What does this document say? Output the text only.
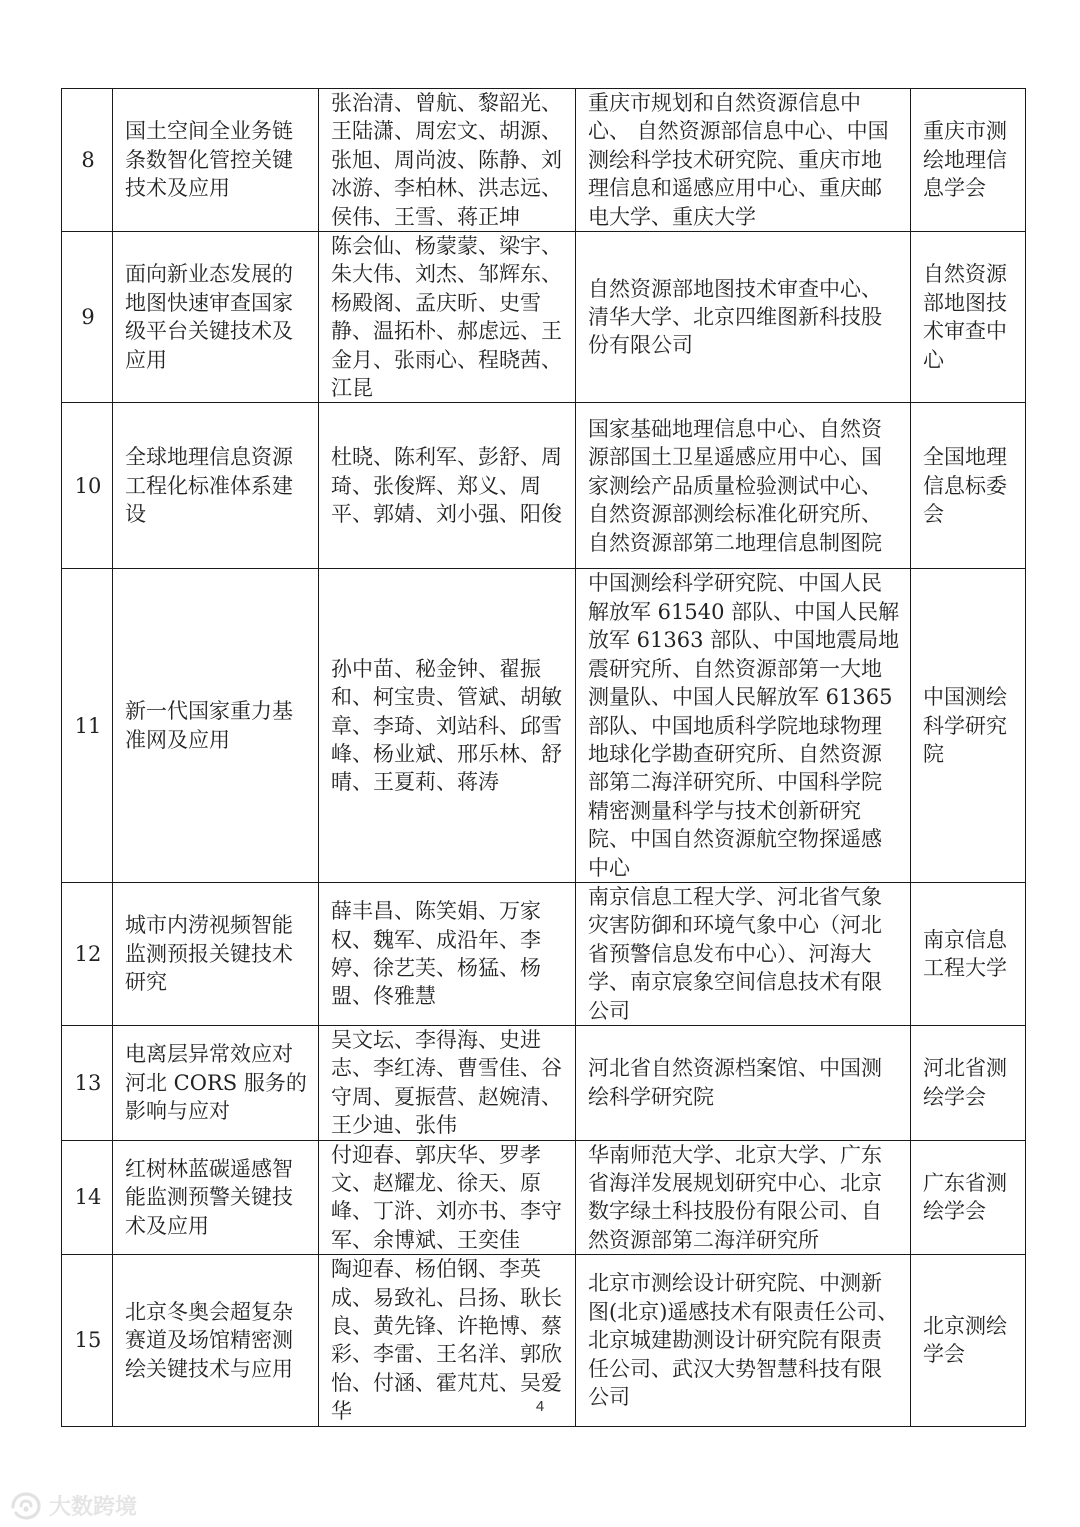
8	国土空间全业务链条数智化管控关键技术及应用	张治清、曾航、黎韶光、王陆潇、周宏文、胡源、张旭、周尚波、陈静、刘冰游、李柏林、洪志远、侯伟、王雪、蒋正坤	重庆市规划和自然资源信息中心、 自然资源部信息中心、中国测绘科学技术研究院、重庆市地理信息和遥感应用中心、重庆邮电大学、重庆大学	重庆市测绘地理信息学会
9	面向新业态发展的地图快速审查国家级平台关键技术及应用	陈会仙、杨蒙蒙、梁宇、朱大伟、刘杰、邹辉东、杨殿阁、孟庆昕、史雪静、温拓朴、郝虑远、王金月、张雨心、程晓茜、江昆	自然资源部地图技术审查中心、清华大学、北京四维图新科技股份有限公司	自然资源部地图技术审查中心
10	全球地理信息资源工程化标准体系建设	杜晓、陈利军、彭舒、周琦、张俊辉、郑义、周平、郭婧、刘小强、阳俊	国家基础地理信息中心、自然资源部国土卫星遥感应用中心、国家测绘产品质量检验测试中心、自然资源部测绘标准化研究所、自然资源部第二地理信息制图院	全国地理信息标委会
11	新一代国家重力基准网及应用	孙中苗、秘金钟、翟振和、柯宝贵、管斌、胡敏章、李琦、刘站科、邱雪峰、杨业斌、邢乐林、舒晴、王夏莉、蒋涛	中国测绘科学研究院、中国人民解放军 61540 部队、中国人民解放军 61363 部队、中国地震局地震研究所、自然资源部第一大地测量队、中国人民解放军 61365 部队、中国地质科学院地球物理地球化学勘查研究所、自然资源部第二海洋研究所、中国科学院精密测量科学与技术创新研究院、中国自然资源航空物探遥感中心	中国测绘科学研究院
12	城市内涝视频智能监测预报关键技术研究	薛丰昌、陈笑娟、万家权、魏军、成沿年、李婷、徐艺芙、杨猛、杨盟、佟雅慧	南京信息工程大学、河北省气象灾害防御和环境气象中心（河北省预警信息发布中心）、河海大学、南京宸象空间信息技术有限公司	南京信息工程大学
13	电离层异常效应对河北 CORS 服务的影响与应对	吴文坛、李得海、史进志、李红涛、曹雪佳、谷守周、夏振营、赵婉清、王少迪、张伟	河北省自然资源档案馆、中国测绘科学研究院	河北省测绘学会
14	红树林蓝碳遥感智能监测预警关键技术及应用	付迎春、郭庆华、罗孝文、赵耀龙、徐天、原峰、丁浒、刘亦书、李守军、余博斌、王奕佳	华南师范大学、北京大学、广东省海洋发展规划研究中心、北京数字绿土科技股份有限公司、自然资源部第二海洋研究所	广东省测绘学会
15	北京冬奥会超复杂赛道及场馆精密测绘关键技术与应用	陶迎春、杨伯钢、李英成、易致礼、吕扬、耿长良、黄先锋、许艳博、蔡彩、李雷、王名洋、郭欣怡、付涵、霍芃芃、吴爱华	北京市测绘设计研究院、中测新图(北京)遥感技术有限责任公司、北京城建勘测设计研究院有限责任公司、武汉大势智慧科技有限公司	北京测绘学会
4
大数跨境
